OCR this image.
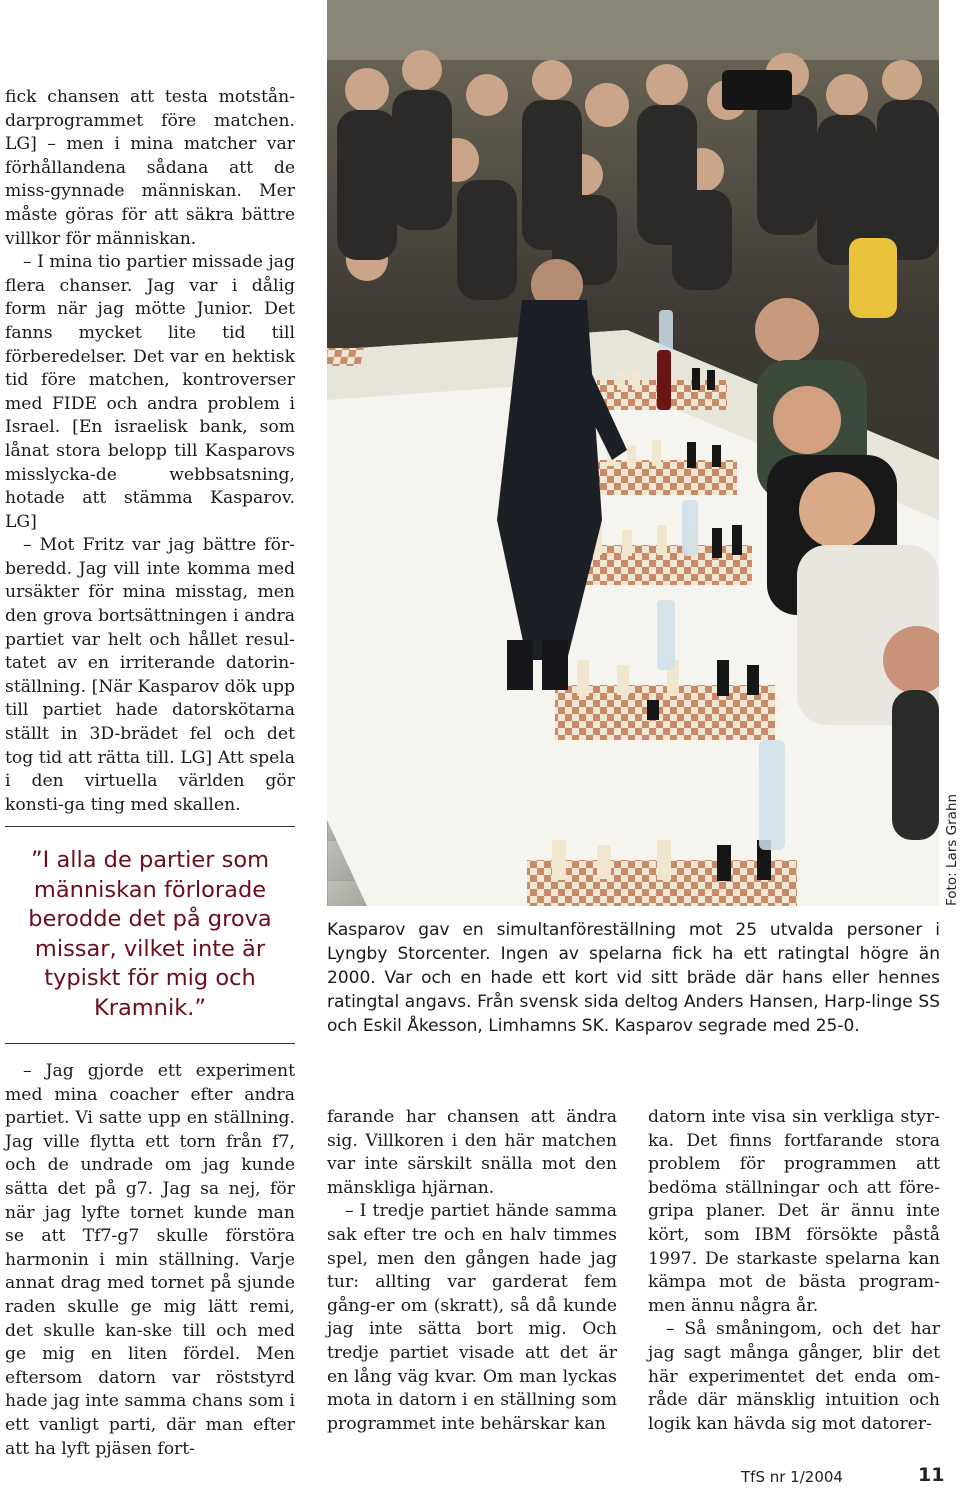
fick chansen att testa motstån-darprogrammet före matchen. LG] – men i mina matcher var förhållandena sådana att de miss-gynnade människan. Mer måste göras för att säkra bättre villkor för människan.

– I mina tio partier missade jag flera chanser. Jag var i dålig form när jag mötte Junior. Det fanns mycket lite tid till förberedelser. Det var en hektisk tid före matchen, kontroverser med FIDE och andra problem i Israel. [En israelisk bank, som lånat stora belopp till Kasparovs misslycka-de webbsatsning, hotade att stämma Kasparov. LG]

– Mot Fritz var jag bättre för-beredd. Jag vill inte komma med ursäkter för mina misstag, men den grova bortsättningen i andra partiet var helt och hållet resul-tatet av en irriterande datorin-ställning. [När Kasparov dök upp till partiet hade datorskötarna ställt in 3D-brädet fel och det tog tid att rätta till. LG] Att spela i den virtuella världen gör konsti-ga ting med skallen.

”I alla de partier som människan förlorade berodde det på grova missar, vilket inte är typiskt för mig och Kramnik.”

– Jag gjorde ett experiment med mina coacher efter andra partiet. Vi satte upp en ställning. Jag ville flytta ett torn från f7, och de undrade om jag kunde sätta det på g7. Jag sa nej, för när jag lyfte tornet kunde man se att Tf7-g7 skulle förstöra harmonin i min ställning. Varje annat drag med tornet på sjunde raden skulle ge mig lätt remi, det skulle kan-ske till och med ge mig en liten fördel. Men eftersom datorn var röststyrd hade jag inte samma chans som i ett vanligt parti, där man efter att ha lyft pjäsen fort-

farande har chansen att ändra sig. Villkoren i den här matchen var inte särskilt snälla mot den mänskliga hjärnan.

– I tredje partiet hände samma sak efter tre och en halv timmes spel, men den gången hade jag tur: allting var garderat fem gång-er om (skratt), så då kunde jag inte sätta bort mig. Och tredje partiet visade att det är en lång väg kvar. Om man lyckas mota in datorn i en ställning som programmet inte behärskar kan

datorn inte visa sin verkliga styr-ka. Det finns fortfarande stora problem för programmen att bedöma ställningar och att före-gripa planer. Det är ännu inte kört, som IBM försökte påstå 1997. De starkaste spelarna kan kämpa mot de bästa program-men ännu några år.

– Så småningom, och det har jag sagt många gånger, blir det här experimentet det enda om-råde där mänsklig intuition och logik kan hävda sig mot datorer-

Foto: Lars Grahn
Kasparov gav en simultanföreställning mot 25 utvalda personer i Lyngby Storcenter. Ingen av spelarna fick ha ett ratingtal högre än 2000. Var och en hade ett kort vid sitt bräde där hans eller hennes ratingtal angavs. Från svensk sida deltog Anders Hansen, Harp-linge SS och Eskil Åkesson, Limhamns SK. Kasparov segrade med 25-0.
TfS nr 1/2004	11
